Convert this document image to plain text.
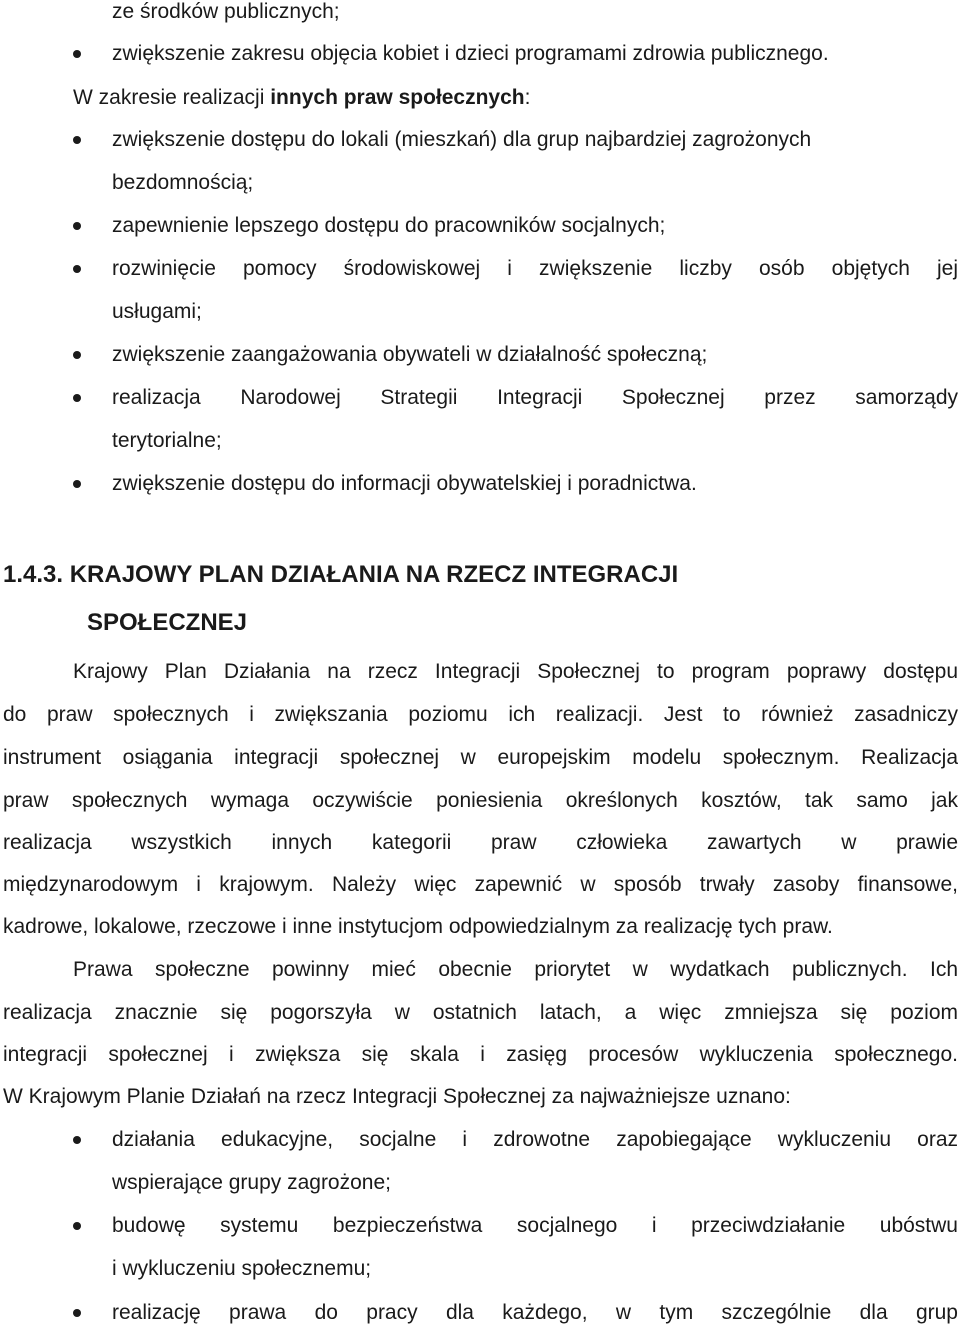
ze środków publicznych;
zwiększenie zakresu objęcia kobiet i dzieci programami zdrowia publicznego.
W zakresie realizacji innych praw społecznych:
zwiększenie dostępu do lokali (mieszkań) dla grup najbardziej zagrożonych
bezdomnością;
zapewnienie lepszego dostępu do pracowników socjalnych;
rozwinięcie pomocy środowiskowej i zwiększenie liczby osób objętych jej
usługami;
zwiększenie zaangażowania obywateli w działalność społeczną;
realizacja Narodowej Strategii Integracji Społecznej przez samorządy
terytorialne;
zwiększenie dostępu do informacji obywatelskiej i poradnictwa.
1.4.3. KRAJOWY PLAN DZIAŁANIA NA RZECZ INTEGRACJI
SPOŁECZNEJ
Krajowy Plan Działania na rzecz Integracji Społecznej to program poprawy dostępu
do praw społecznych i zwiększania poziomu ich realizacji. Jest to również zasadniczy
instrument osiągania integracji społecznej w europejskim modelu społecznym. Realizacja
praw społecznych wymaga oczywiście poniesienia określonych kosztów, tak samo jak
realizacja wszystkich innych kategorii praw człowieka zawartych w prawie
międzynarodowym i krajowym. Należy więc zapewnić w sposób trwały zasoby finansowe,
kadrowe, lokalowe, rzeczowe i inne instytucjom odpowiedzialnym za realizację tych praw.
Prawa społeczne powinny mieć obecnie priorytet w wydatkach publicznych. Ich
realizacja znacznie się pogorszyła w ostatnich latach, a więc zmniejsza się poziom
integracji społecznej i zwiększa się skala i zasięg procesów wykluczenia społecznego.
W Krajowym Planie Działań na rzecz Integracji Społecznej za najważniejsze uznano:
działania edukacyjne, socjalne i zdrowotne zapobiegające wykluczeniu oraz
wspierające grupy zagrożone;
budowę systemu bezpieczeństwa socjalnego i przeciwdziałanie ubóstwu
i wykluczeniu społecznemu;
realizację prawa do pracy dla każdego, w tym szczególnie dla grup
